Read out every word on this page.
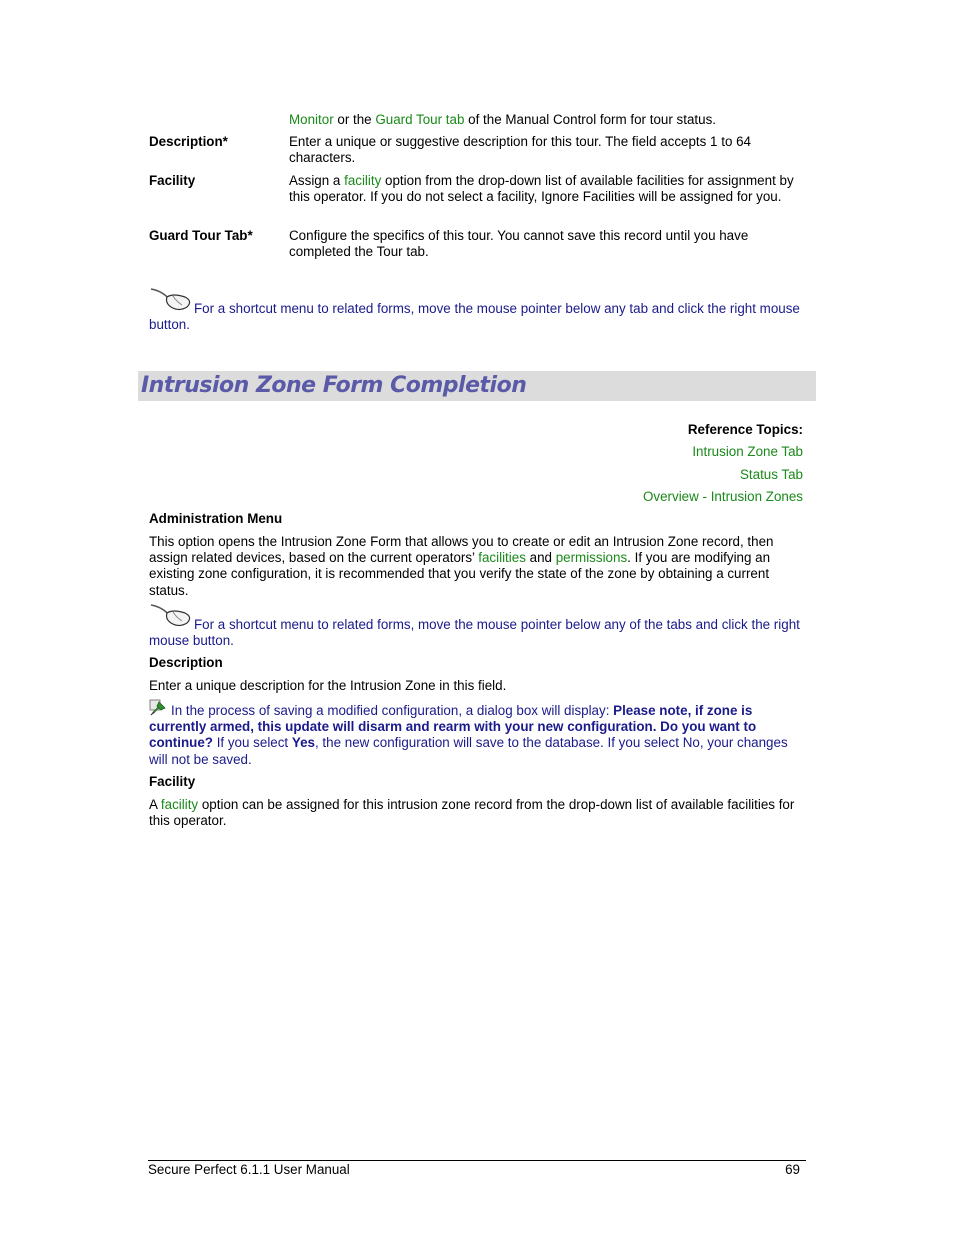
Monitor or the Guard Tour tab of the Manual Control form for tour status.
Description*	Enter a unique or suggestive description for this tour. The field accepts 1 to 64 characters.
Facility	Assign a facility option from the drop-down list of available facilities for assignment by this operator. If you do not select a facility, Ignore Facilities will be assigned for you.
Guard Tour Tab*	Configure the specifics of this tour. You cannot save this record until you have completed the Tour tab.
For a shortcut menu to related forms, move the mouse pointer below any tab and click the right mouse button.
Intrusion Zone Form Completion
Reference Topics:
Intrusion Zone Tab
Status Tab
Overview - Intrusion Zones
Administration Menu
This option opens the Intrusion Zone Form that allows you to create or edit an Intrusion Zone record, then assign related devices, based on the current operators’ facilities and permissions. If you are modifying an existing zone configuration, it is recommended that you verify the state of the zone by obtaining a current status.
For a shortcut menu to related forms, move the mouse pointer below any of the tabs and click the right mouse button.
Description
Enter a unique description for the Intrusion Zone in this field.
In the process of saving a modified configuration, a dialog box will display: Please note, if zone is currently armed, this update will disarm and rearm with your new configuration. Do you want to continue? If you select Yes, the new configuration will save to the database. If you select No, your changes will not be saved.
Facility
A facility option can be assigned for this intrusion zone record from the drop-down list of available facilities for this operator.
Secure Perfect 6.1.1 User Manual	69
